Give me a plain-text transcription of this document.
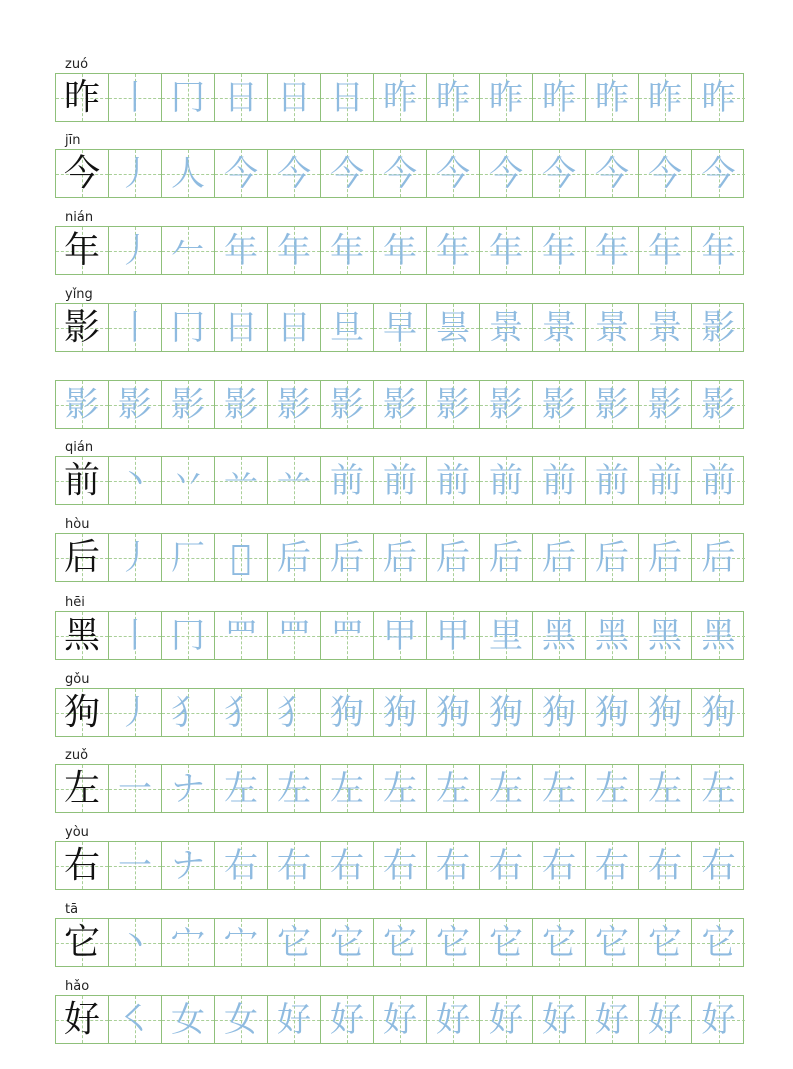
zuó
昨 丨 冂 日 日 日 昨 昨 昨 昨 昨 昨 昨
jīn
今 丿 人 今 今 今 今 今 今 今 今 今 今
nián
年 丿 𠂉 年 年 年 年 年 年 年 年 年 年
yǐng
影 丨 冂 日 日 旦 早 昙 景 景 景 景 影
影 影 影 影 影 影 影 影 影 影 影 影 影
qián
前 丶 丷 䒑 䒑 前 前 前 前 前 前 前 前
hòu
后 丿 厂 𠂋 后 后 后 后 后 后 后 后 后
hēi
黑 丨 冂 罒 罒 罒 甲 甲 里 黑 黑 黑 黑
gǒu
狗 丿 犭 犭 犭 狗 狗 狗 狗 狗 狗 狗 狗
zuǒ
左 一 ナ 左 左 左 左 左 左 左 左 左 左
yòu
右 一 ナ 右 右 右 右 右 右 右 右 右 右
tā
它 丶 宀 宀 它 它 它 它 它 它 它 它 它
hǎo
好 ㇛ 女 女 好 好 好 好 好 好 好 好 好
